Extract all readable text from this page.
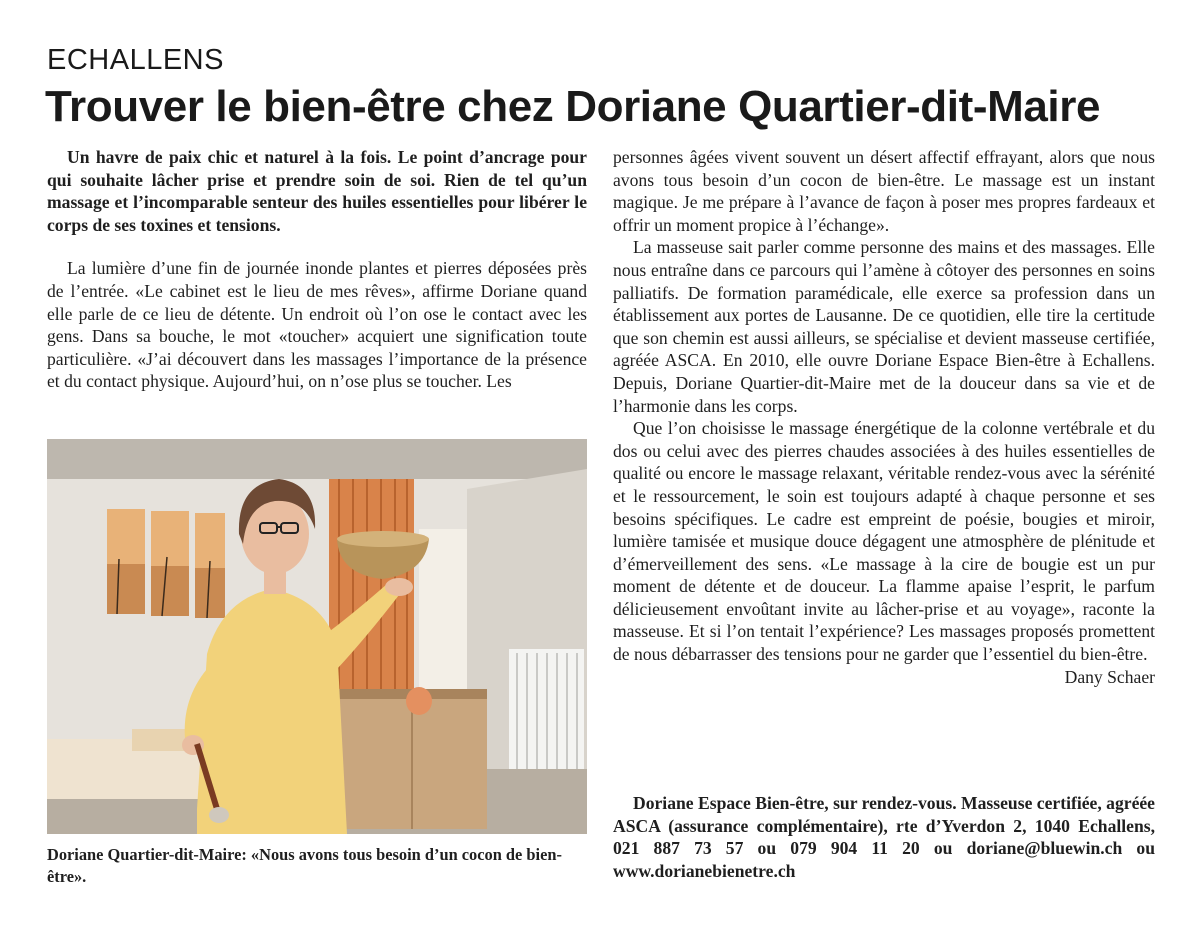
ECHALLENS
Trouver le bien-être chez Doriane Quartier-dit-Maire

Un havre de paix chic et naturel à la fois. Le point d’ancrage pour qui souhaite lâcher prise et prendre soin de soi. Rien de tel qu’un massage et l’incomparable senteur des huiles essentielles pour libérer le corps de ses toxines et tensions.

La lumière d’une fin de journée inonde plantes et pierres déposées près de l’entrée. «Le cabinet est le lieu de mes rêves», affirme Doriane quand elle parle de ce lieu de détente. Un endroit où l’on ose le contact avec les gens. Dans sa bouche, le mot «toucher» acquiert une signification toute particulière. «J’ai découvert dans les massages l’importance de la présence et du contact physique. Aujourd’hui, on n’ose plus se toucher. Les

Doriane Quartier-dit-Maire: «Nous avons tous besoin d’un cocon de bien-être».

personnes âgées vivent souvent un désert affectif effrayant, alors que nous avons tous besoin d’un cocon de bien-être. Le massage est un instant magique. Je me prépare à l’avance de façon à poser mes propres fardeaux et offrir un moment propice à l’échange».

La masseuse sait parler comme personne des mains et des massages. Elle nous entraîne dans ce parcours qui l’amène à côtoyer des personnes en soins palliatifs. De formation paramédicale, elle exerce sa profession dans un établissement aux portes de Lausanne. De ce quotidien, elle tire la certitude que son chemin est aussi ailleurs, se spécialise et devient masseuse certifiée, agréée ASCA. En 2010, elle ouvre Doriane Espace Bien-être à Echallens. Depuis, Doriane Quartier-dit-Maire met de la douceur dans sa vie et de l’harmonie dans les corps.

Que l’on choisisse le massage énergétique de la colonne vertébrale et du dos ou celui avec des pierres chaudes associées à des huiles essentielles de qualité ou encore le massage relaxant, véritable rendez-vous avec la sérénité et le ressourcement, le soin est toujours adapté à chaque personne et ses besoins spécifiques. Le cadre est empreint de poésie, bougies et miroir, lumière tamisée et musique douce dégagent une atmosphère de plénitude et d’émerveillement des sens. «Le massage à la cire de bougie est un pur moment de détente et de douceur. La flamme apaise l’esprit, le parfum délicieusement envoûtant invite au lâcher-prise et au voyage», raconte la masseuse. Et si l’on tentait l’expérience? Les massages proposés promettent de nous débarrasser des tensions pour ne garder que l’essentiel du bien-être.

Dany Schaer

Doriane Espace Bien-être, sur rendez-vous. Masseuse certifiée, agréée ASCA (assurance complémentaire), rte d’Yverdon 2, 1040 Echallens, 021 887 73 57 ou 079 904 11 20 ou doriane@bluewin.ch ou www.dorianebienetre.ch
